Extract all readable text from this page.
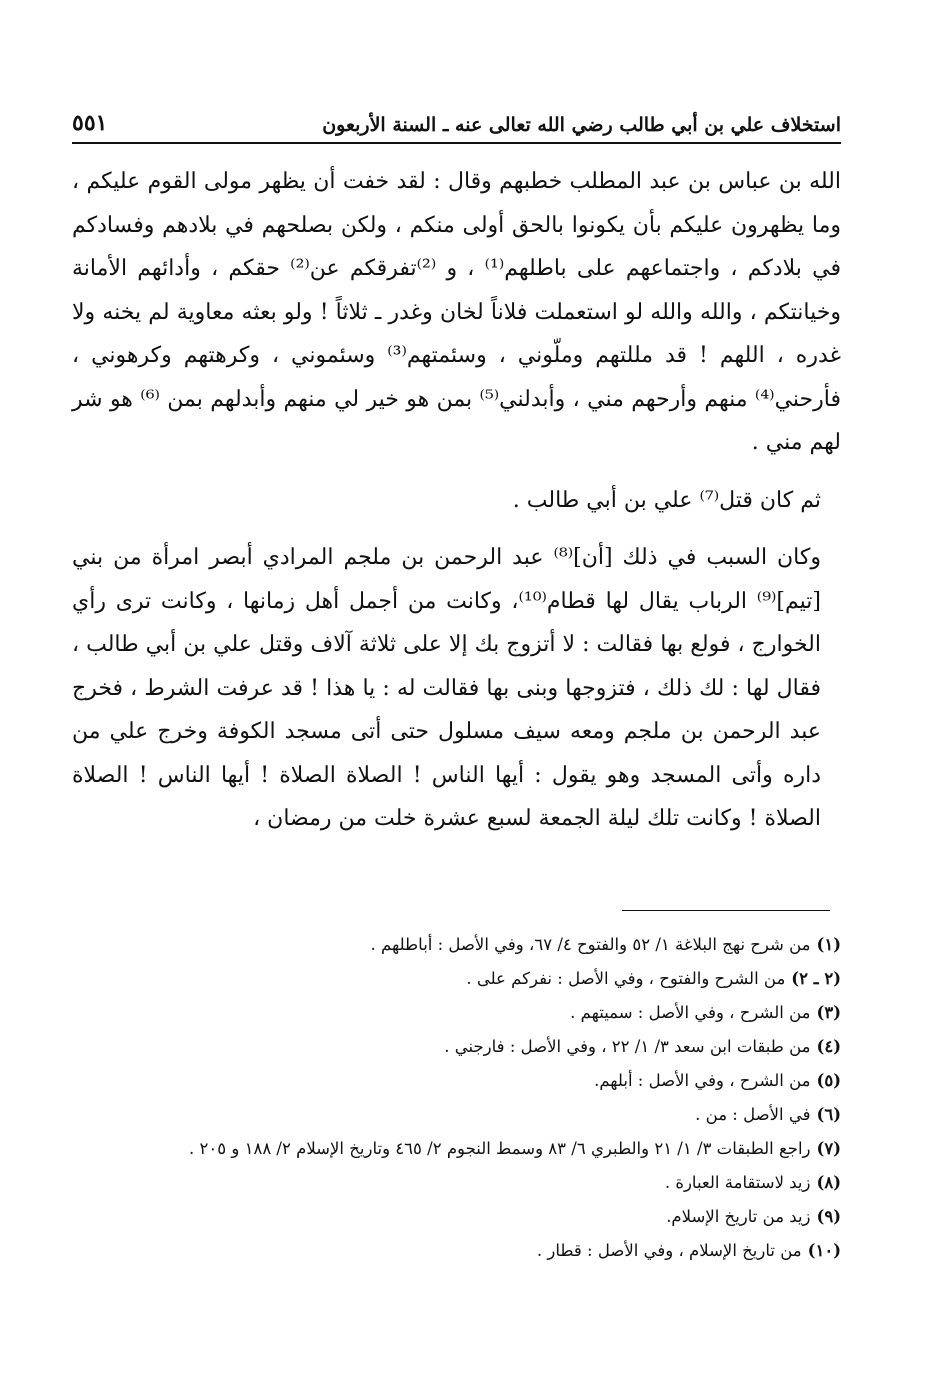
٥٥١	استخلاف علي بن أبي طالب رضي الله تعالى عنه ـ السنة الأربعون

الله بن عباس بن عبد المطلب خطبهم وقال : لقد خفت أن يظهر مولى القوم عليكم ، وما يظهرون عليكم بأن يكونوا بالحق أولى منكم ، ولكن بصلحهم في بلادهم وفسادكم في بلادكم ، واجتماعهم على باطلهم⁽¹⁾ ، و ⁽²⁾تفرقكم عن⁽²⁾ حقكم ، وأدائهم الأمانة وخيانتكم ، والله والله لو استعملت فلاناً لخان وغدر ـ ثلاثاً ! ولو بعثه معاوية لم يخنه ولا غدره ، اللهم ! قد مللتهم وملّوني ، وسئمتهم⁽³⁾ وسئموني ، وكرهتهم وكرهوني ، فأرحني⁽⁴⁾ منهم وأرحهم مني ، وأبدلني⁽⁵⁾ بمن هو خير لي منهم وأبدلهم بمن ⁽⁶⁾ هو شر لهم مني .

ثم كان قتل⁽⁷⁾ علي بن أبي طالب .

وكان السبب في ذلك [أن]⁽⁸⁾ عبد الرحمن بن ملجم المرادي أبصر امرأة من بني [تيم]⁽⁹⁾ الرباب يقال لها قطام⁽¹⁰⁾، وكانت من أجمل أهل زمانها ، وكانت ترى رأي الخوارج ، فولع بها فقالت : لا أتزوج بك إلا على ثلاثة آلاف وقتل علي بن أبي طالب ، فقال لها : لك ذلك ، فتزوجها وبنى بها فقالت له : يا هذا ! قد عرفت الشرط ، فخرج عبد الرحمن بن ملجم ومعه سيف مسلول حتى أتى مسجد الكوفة وخرج علي من داره وأتى المسجد وهو يقول : أيها الناس ! الصلاة الصلاة ! أيها الناس ! الصلاة الصلاة ! وكانت تلك ليلة الجمعة لسبع عشرة خلت من رمضان ،

(١)
من شرح نهج البلاغة ١/ ٥٢ والفتوح ٤/ ٦٧، وفي الأصل : أباطلهم .
(٢ ـ ٢)
من الشرح والفتوح ، وفي الأصل : نفركم على .
(٣)
من الشرح ، وفي الأصل : سميتهم .
(٤)
من طبقات ابن سعد ٣/ ١/ ٢٢ ، وفي الأصل : فارجني .
(٥)
من الشرح ، وفي الأصل : أبلهم.
(٦)
في الأصل : من .
(٧)
راجع الطبقات ٣/ ١/ ٢١ والطبري ٦/ ٨٣ وسمط النجوم ٢/ ٤٦٥ وتاريخ الإسلام ٢/ ١٨٨ و ٢٠٥ .
(٨)
زيد لاستقامة العبارة .
(٩)
زيد من تاريخ الإسلام.
(١٠)
من تاريخ الإسلام ، وفي الأصل : قطار .
